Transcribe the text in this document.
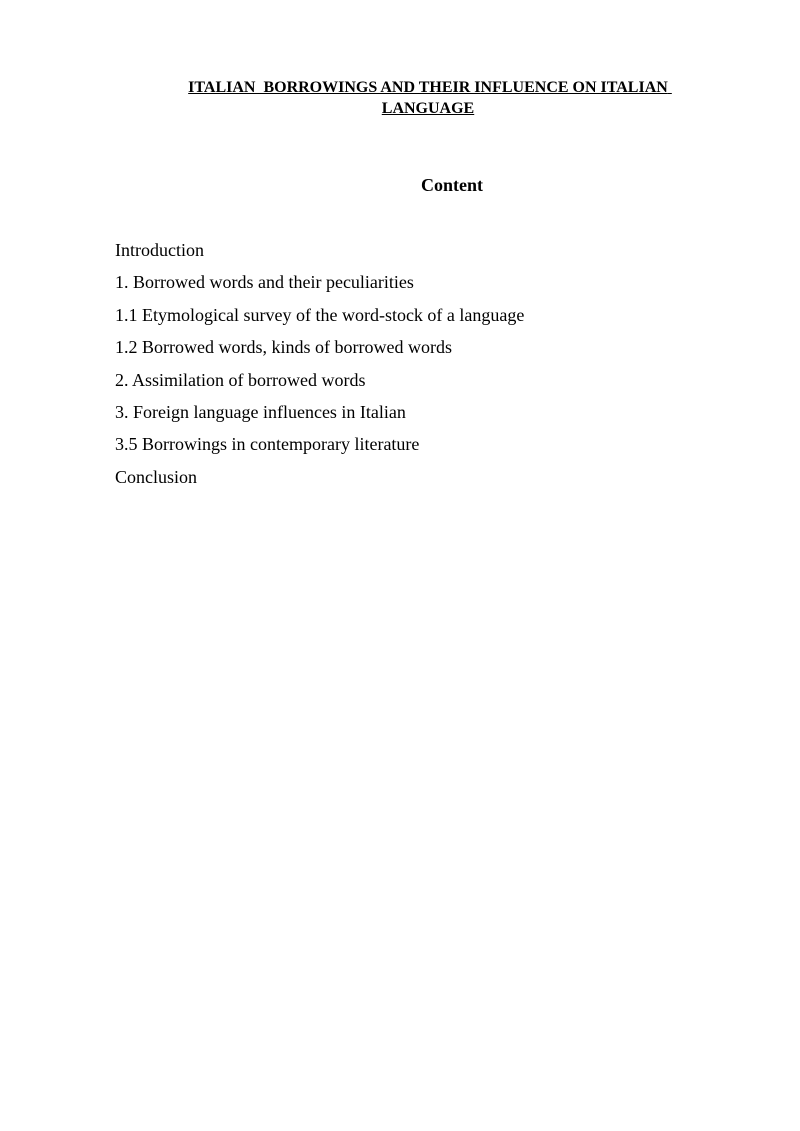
ITALIAN  BORROWINGS AND THEIR INFLUENCE ON ITALIAN LANGUAGE
Content
Introduction
1. Borrowed words and their peculiarities
1.1 Etymological survey of the word-stock of a language
1.2 Borrowed words, kinds of borrowed words
2. Assimilation of borrowed words
3. Foreign language influences in Italian
3.5 Borrowings in contemporary literature
Conclusion
